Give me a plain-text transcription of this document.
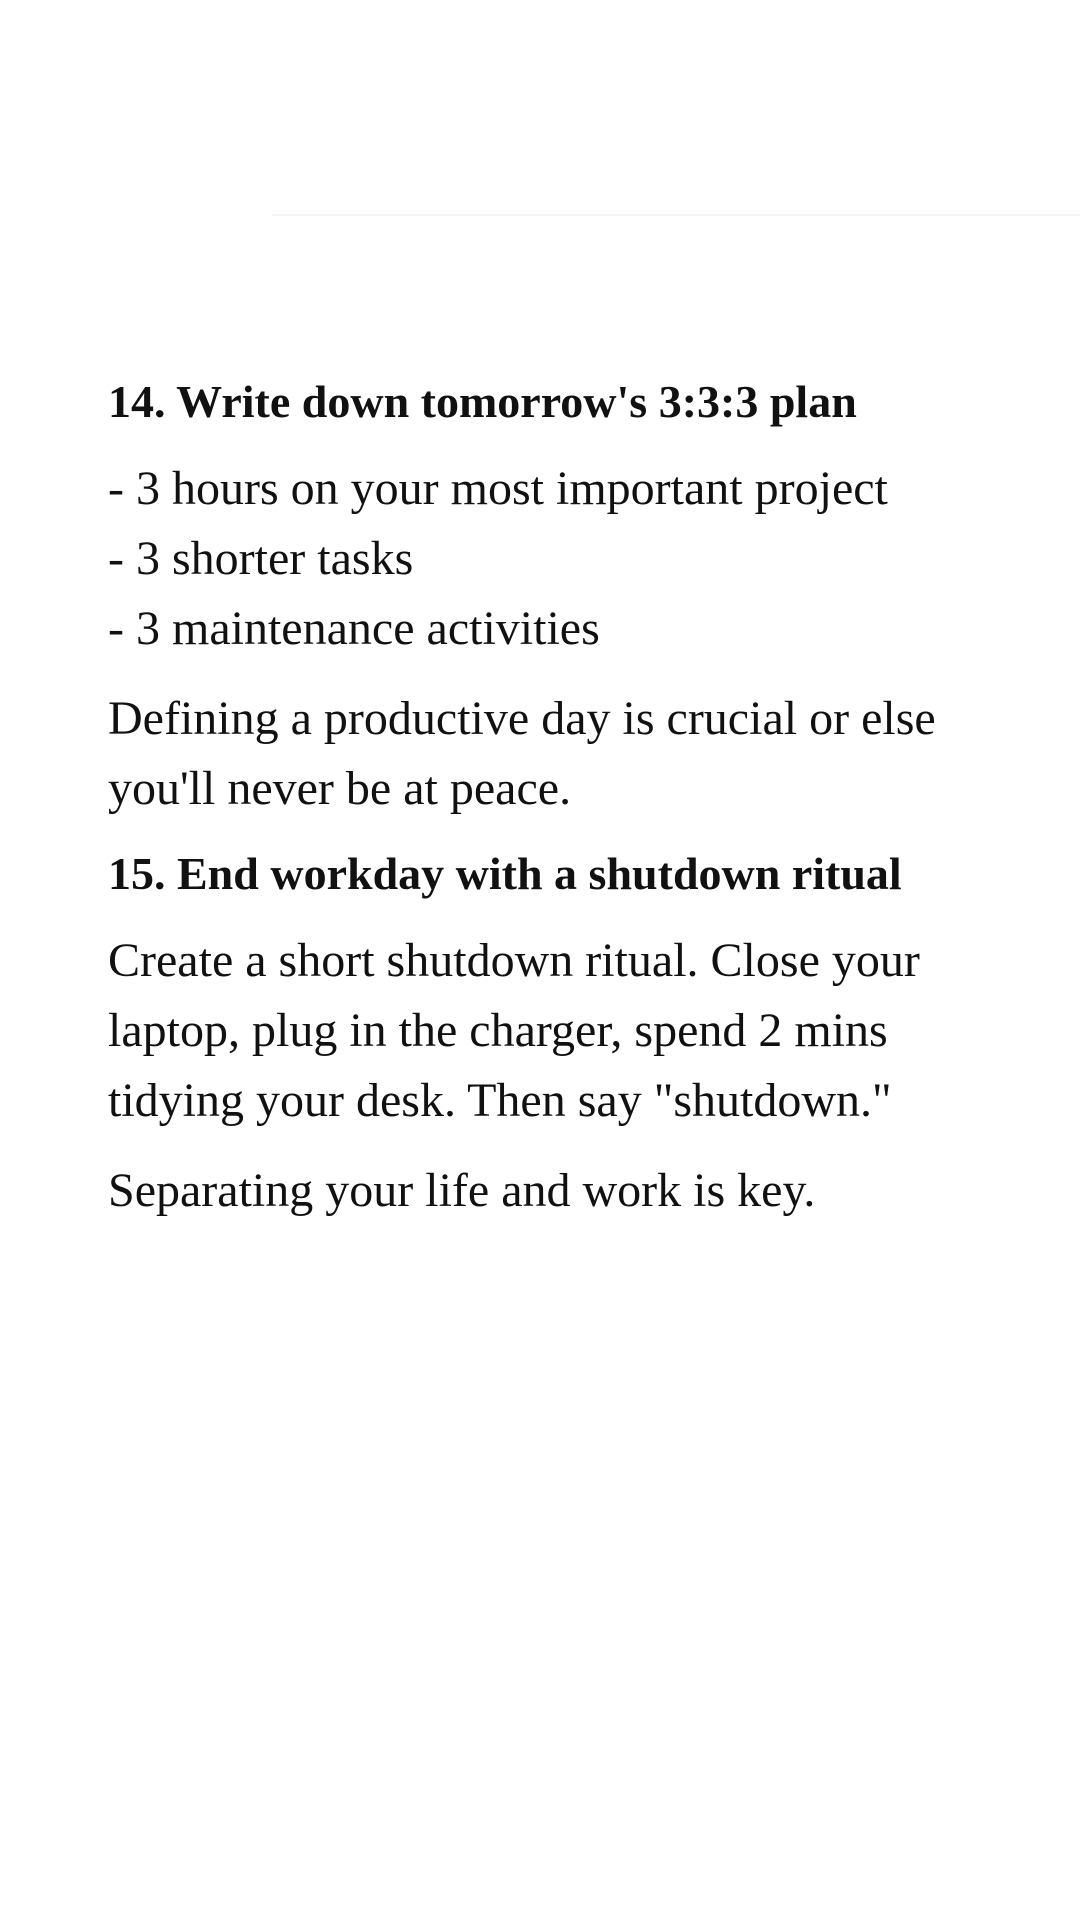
14. Write down tomorrow's 3:3:3 plan
- 3 hours on your most important project
- 3 shorter tasks
- 3 maintenance activities

Defining a productive day is crucial or else you'll never be at peace.

15. End workday with a shutdown ritual

Create a short shutdown ritual. Close your laptop, plug in the charger, spend 2 mins tidying your desk. Then say "shutdown."

Separating your life and work is key.
